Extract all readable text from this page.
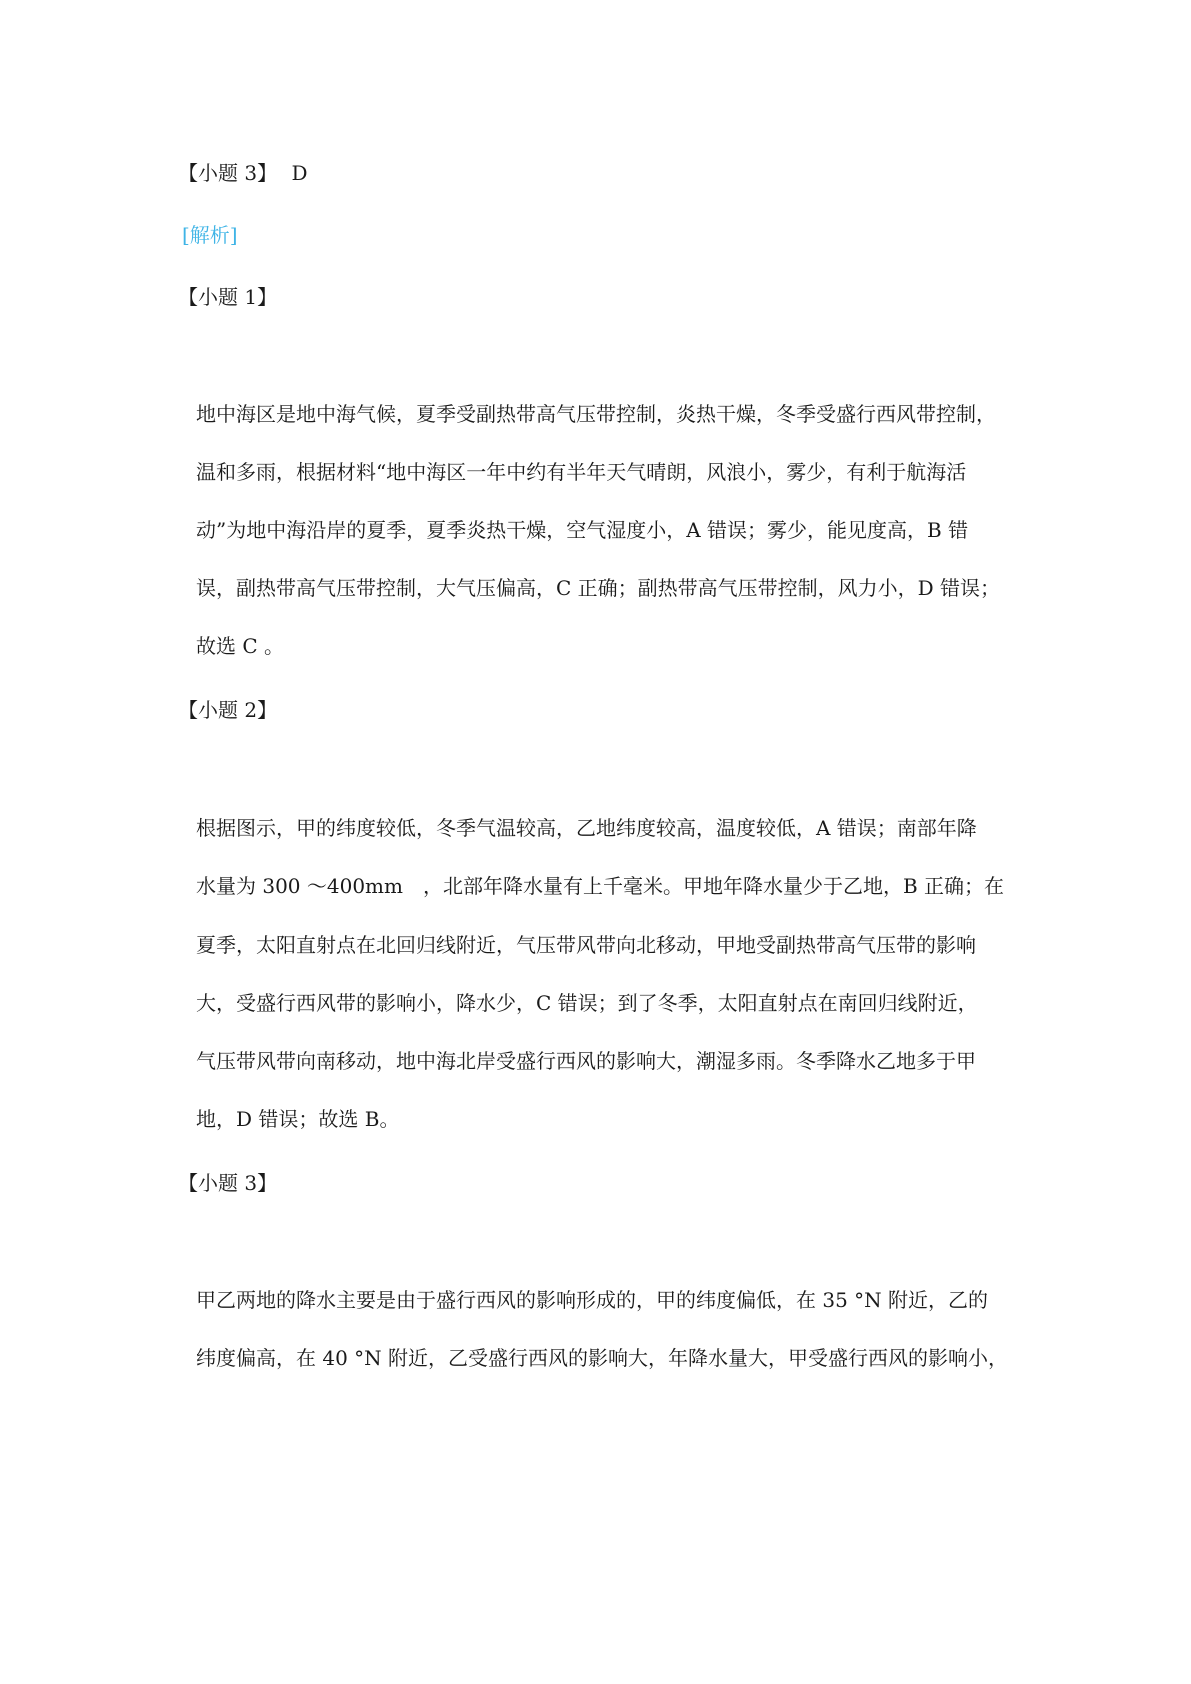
【小题 3】 D
[解析]
【小题 1】
地中海区是地中海气候，夏季受副热带高气压带控制，炎热干燥，冬季受盛行西风带控制，
温和多雨，根据材料“地中海区一年中约有半年天气晴朗，风浪小，雾少，有利于航海活
动”为地中海沿岸的夏季，夏季炎热干燥，空气湿度小，A 错误；雾少，能见度高，B 错
误，副热带高气压带控制，大气压偏高，C 正确；副热带高气压带控制，风力小，D 错误；
故选 C 。
【小题 2】
根据图示，甲的纬度较低，冬季气温较高，乙地纬度较高，温度较低，A 错误；南部年降
水量为 300 ～400mm　，北部年降水量有上千毫米。甲地年降水量少于乙地，B 正确；在
夏季，太阳直射点在北回归线附近，气压带风带向北移动，甲地受副热带高气压带的影响
大，受盛行西风带的影响小，降水少，C 错误；到了冬季，太阳直射点在南回归线附近，
气压带风带向南移动，地中海北岸受盛行西风的影响大，潮湿多雨。冬季降水乙地多于甲
地，D 错误；故选 B。
【小题 3】
甲乙两地的降水主要是由于盛行西风的影响形成的，甲的纬度偏低，在 35 °N 附近，乙的
纬度偏高，在 40 °N 附近，乙受盛行西风的影响大，年降水量大，甲受盛行西风的影响小，
